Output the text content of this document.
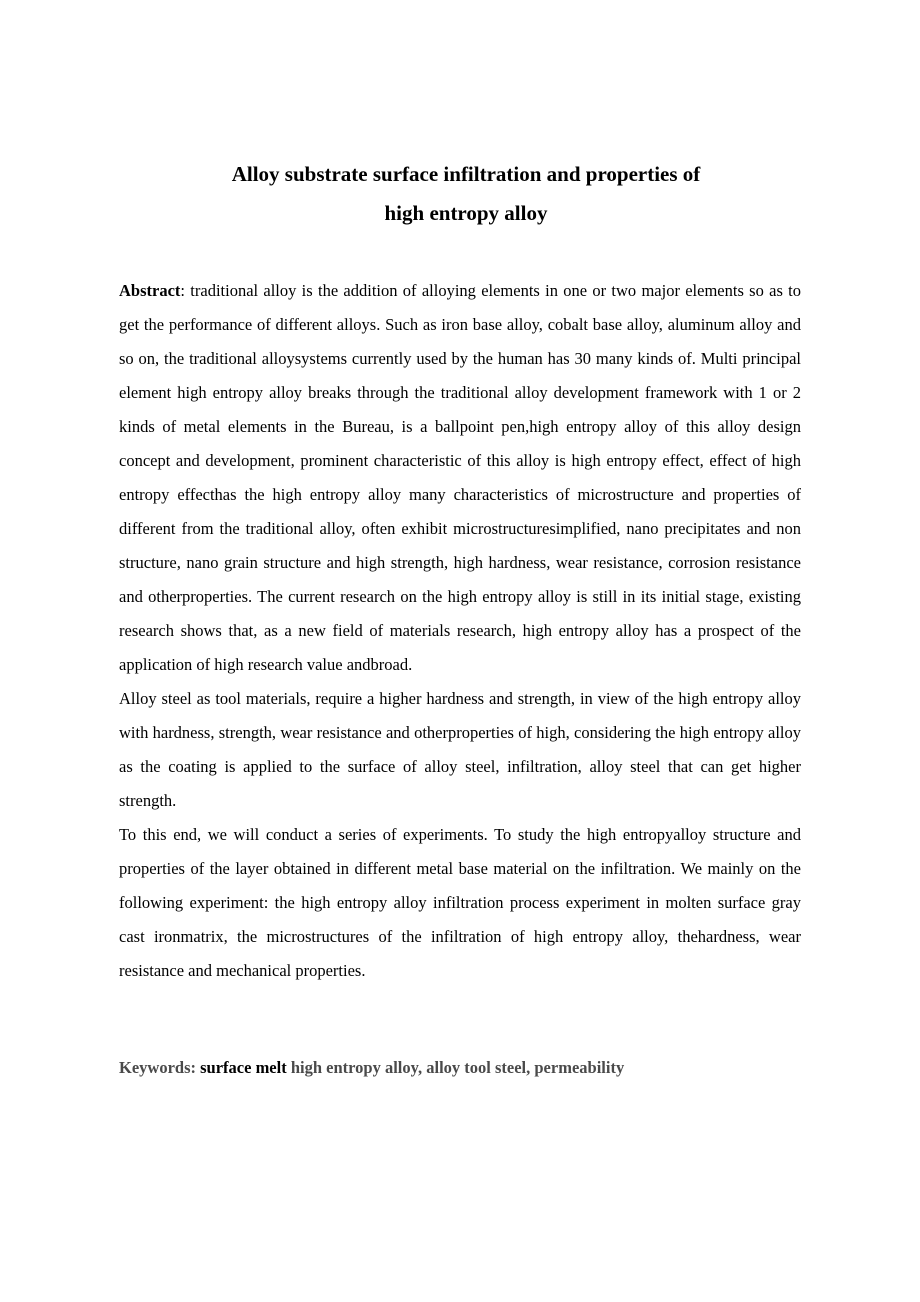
Alloy substrate surface infiltration and properties of
high entropy alloy

Abstract: traditional alloy is the addition of alloying elements in one or two major elements so as to get the performance of different alloys. Such as iron base alloy, cobalt base alloy, aluminum alloy and so on, the traditional alloysystems currently used by the human has 30 many kinds of. Multi principal element high entropy alloy breaks through the traditional alloy development framework with 1 or 2 kinds of metal elements in the Bureau, is a ballpoint pen,high entropy alloy of this alloy design concept and development, prominent characteristic of this alloy is high entropy effect, effect of high entropy effecthas the high entropy alloy many characteristics of microstructure and properties of different from the traditional alloy, often exhibit microstructuresimplified, nano precipitates and non structure, nano grain structure and high strength, high hardness, wear resistance, corrosion resistance and otherproperties. The current research on the high entropy alloy is still in its initial stage, existing research shows that, as a new field of materials research, high entropy alloy has a prospect of the application of high research value andbroad.

Alloy steel as tool materials, require a higher hardness and strength, in view of the high entropy alloy with hardness, strength, wear resistance and otherproperties of high, considering the high entropy alloy as the coating is applied to the surface of alloy steel, infiltration, alloy steel that can get higher strength.

To this end, we will conduct a series of experiments. To study the high entropyalloy structure and properties of the layer obtained in different metal base material on the infiltration. We mainly on the following experiment: the high entropy alloy infiltration process experiment in molten surface gray cast ironmatrix, the microstructures of the infiltration of high entropy alloy, thehardness, wear resistance and mechanical properties.

Keywords: surface melt high entropy alloy, alloy tool steel, permeability
